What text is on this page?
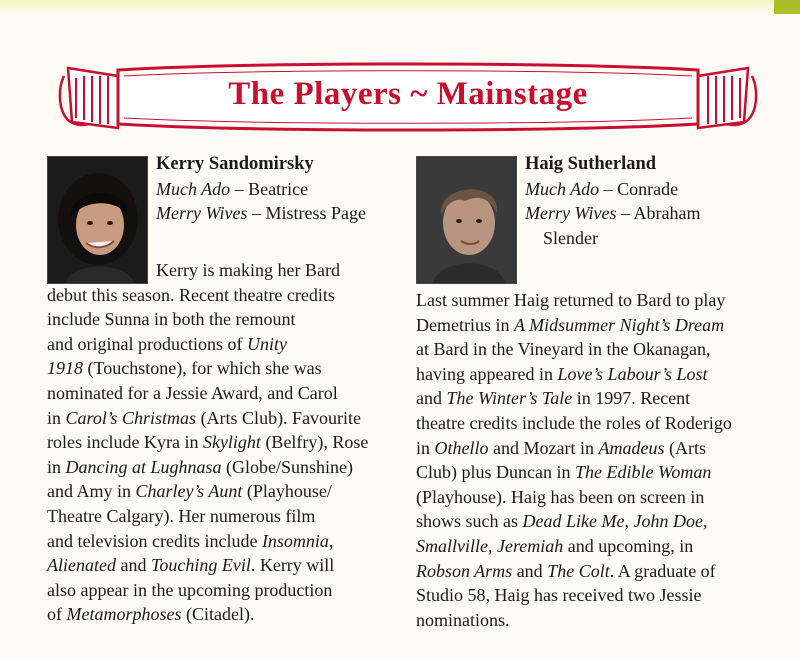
The Players ~ Mainstage
Kerry Sandomirsky
Much Ado – Beatrice
Merry Wives – Mistress Page
Kerry is making her Bard
debut this season. Recent theatre credits
include Sunna in both the remount
and original productions of Unity
1918 (Touchstone), for which she was
nominated for a Jessie Award, and Carol
in Carol’s Christmas (Arts Club). Favourite
roles include Kyra in Skylight (Belfry), Rose
in Dancing at Lughnasa (Globe/Sunshine)
and Amy in Charley’s Aunt (Playhouse/
Theatre Calgary). Her numerous film
and television credits include Insomnia,
Alienated and Touching Evil. Kerry will
also appear in the upcoming production
of Metamorphoses (Citadel).
Haig Sutherland
Much Ado – Conrade
Merry Wives – Abraham
Slender
Last summer Haig returned to Bard to play
Demetrius in A Midsummer Night’s Dream
at Bard in the Vineyard in the Okanagan,
having appeared in Love’s Labour’s Lost
and The Winter’s Tale in 1997. Recent
theatre credits include the roles of Roderigo
in Othello and Mozart in Amadeus (Arts
Club) plus Duncan in The Edible Woman
(Playhouse). Haig has been on screen in
shows such as Dead Like Me, John Doe,
Smallville, Jeremiah and upcoming, in
Robson Arms and The Colt. A graduate of
Studio 58, Haig has received two Jessie
nominations.
